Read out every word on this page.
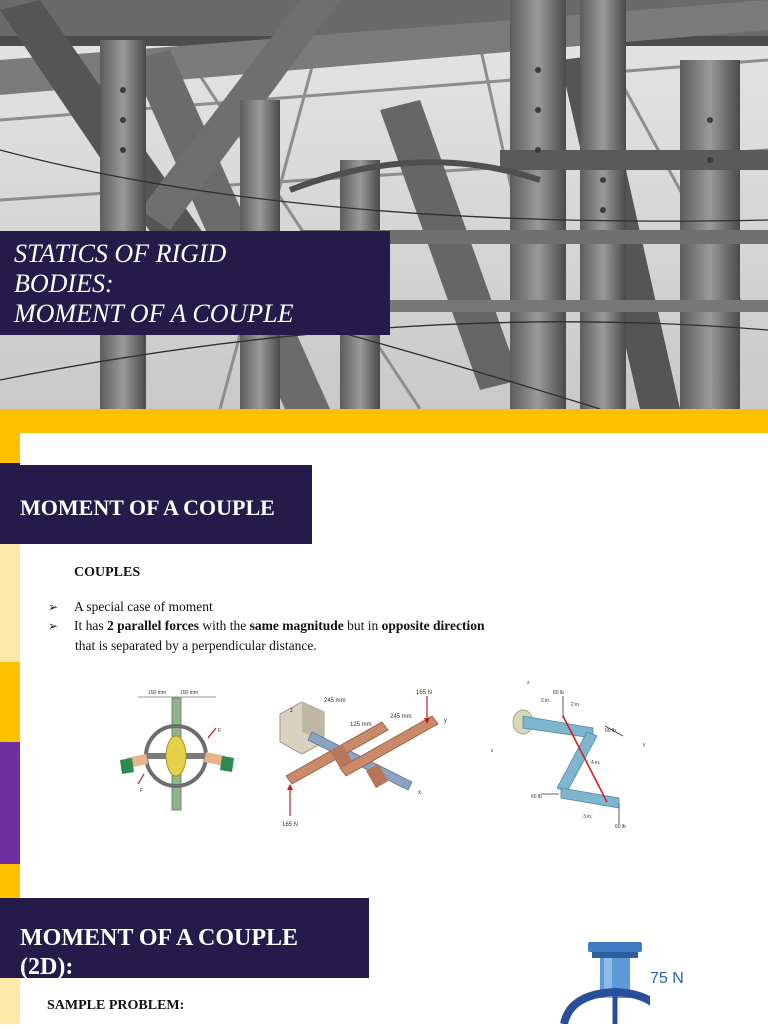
STATICS OF RIGID
BODIES:
MOMENT OF A COUPLE
MOMENT OF A COUPLE
COUPLES
➢ A special case of moment
➢ It has 2 parallel forces with the same magnitude but in opposite direction
that is separated by a perpendicular distance.
150 mm	150 mm
F
F
165 N
165 N
245 mm
125 mm
245 mm
y
x
z
60 lb
60 lb
60 lb
60 lb
2 in.
2 in.
4 in.
3 in.
y
x
z
MOMENT OF A COUPLE
(2D):
SAMPLE PROBLEM:
75 N
